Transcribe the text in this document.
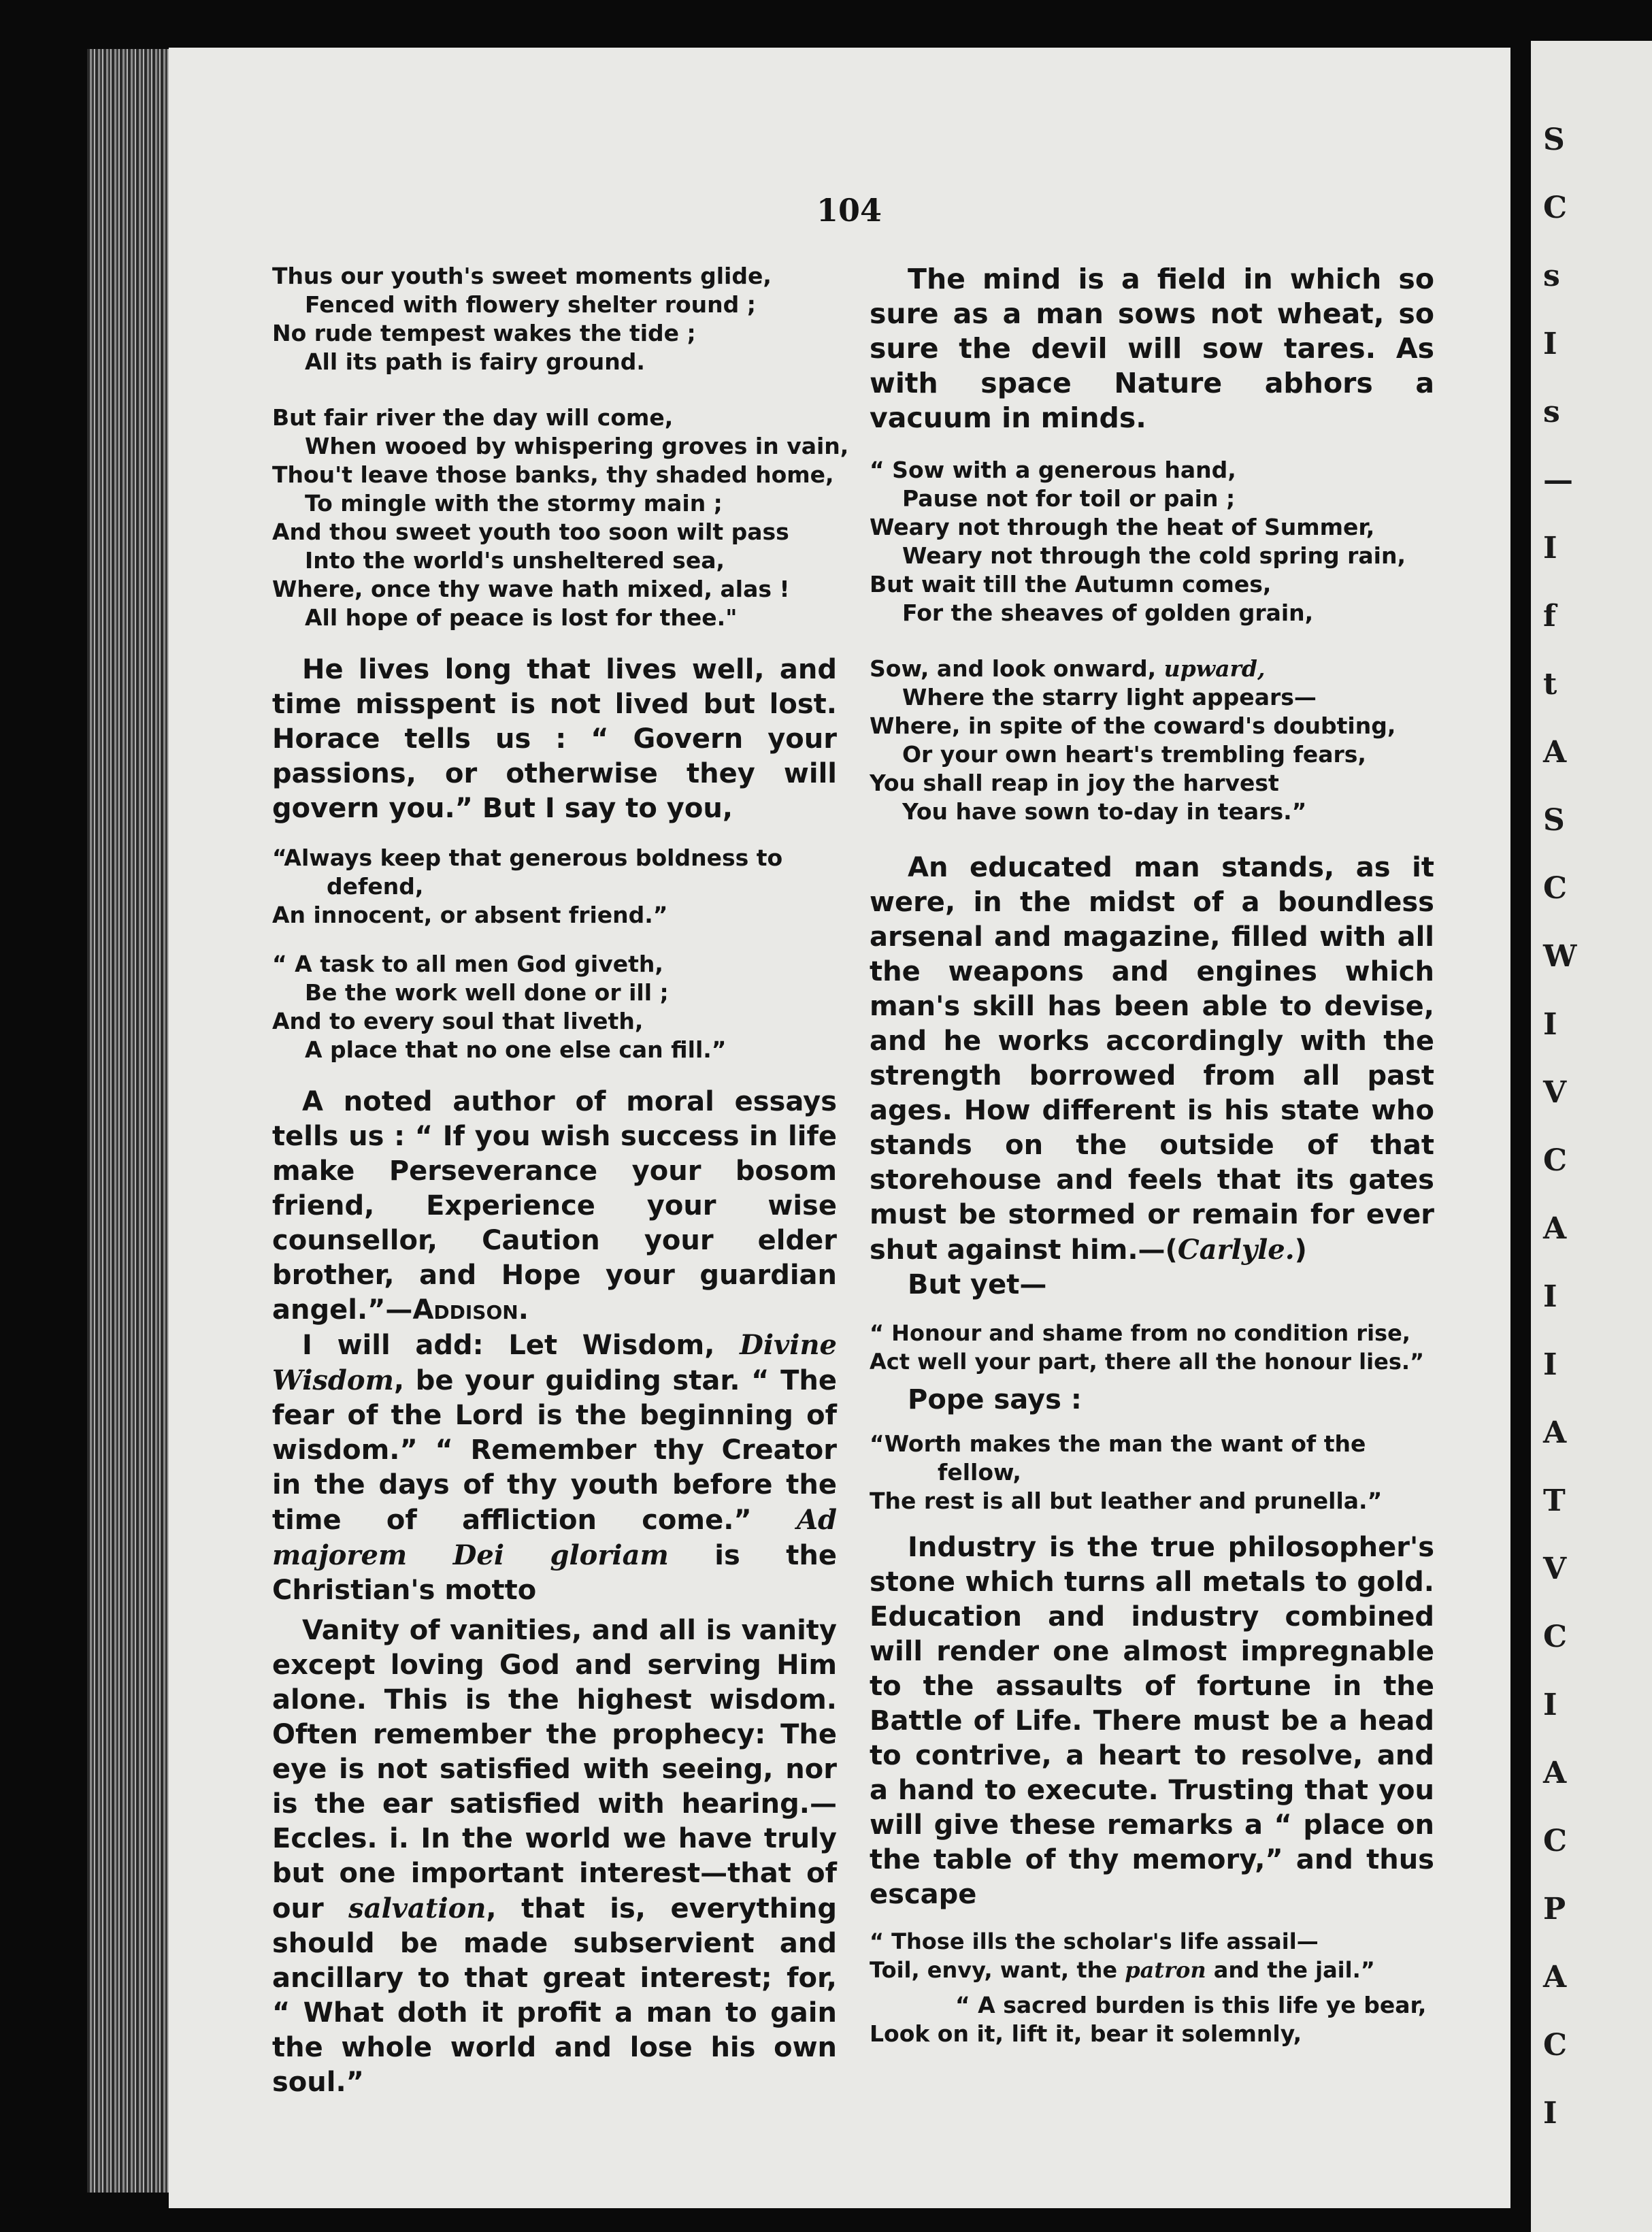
S
C
s
I
s
—
I
f
t
A
S
C
W
I
V
C
A
I
I
A
T
V
C
I
A
C
P
A
C
I
104

Thus our youth's sweet moments glide,
Fenced with flowery shelter round ;
No rude tempest wakes the tide ;
All its path is fairy ground.

But fair river the day will come,
When wooed by whispering groves in vain,
Thou't leave those banks, thy shaded home,
To mingle with the stormy main ;
And thou sweet youth too soon wilt pass
Into the world's unsheltered sea,
Where, once thy wave hath mixed, alas !
All hope of peace is lost for thee."

He lives long that lives well, and time misspent is not lived but lost. Horace tells us : “ Govern your passions, or otherwise they will govern you.” But I say to you,

“Always keep that generous boldness to
defend,
An innocent, or absent friend.”

“ A task to all men God giveth,
Be the work well done or ill ;
And to every soul that liveth,
A place that no one else can fill.”

A noted author of moral essays tells us : “ If you wish success in life make Perseverance your bosom friend, Experience your wise counsellor, Caution your elder brother, and Hope your guardian angel.”—Addison.

I will add: Let Wisdom, Divine Wisdom, be your guiding star. “ The fear of the Lord is the beginning of wisdom.” “ Remember thy Creator in the days of thy youth before the time of affliction come.” Ad majorem Dei gloriam is the Christian's motto

Vanity of vanities, and all is vanity except loving God and serving Him alone. This is the highest wisdom. Often remember the prophecy: The eye is not satisfied with seeing, nor is the ear satisfied with hearing.—Eccles. i. In the world we have truly but one important interest—that of our salvation, that is, everything should be made subservient and ancillary to that great interest; for, “ What doth it profit a man to gain the whole world and lose his own soul.”

The mind is a field in which so sure as a man sows not wheat, so sure the devil will sow tares. As with space Nature abhors a vacuum in minds.

“ Sow with a generous hand,
Pause not for toil or pain ;
Weary not through the heat of Summer,
Weary not through the cold spring rain,
But wait till the Autumn comes,
For the sheaves of golden grain,

Sow, and look onward, upward,
Where the starry light appears—
Where, in spite of the coward's doubting,
Or your own heart's trembling fears,
You shall reap in joy the harvest
You have sown to-day in tears.”

An educated man stands, as it were, in the midst of a boundless arsenal and magazine, filled with all the weapons and engines which man's skill has been able to devise, and he works accordingly with the strength borrowed from all past ages. How different is his state who stands on the outside of that storehouse and feels that its gates must be stormed or remain for ever shut against him.—(Carlyle.)

But yet—

“ Honour and shame from no condition rise,
Act well your part, there all the honour lies.”

Pope says :

“Worth makes the man the want of the
fellow,
The rest is all but leather and prunella.”

Industry is the true philosopher's stone which turns all metals to gold. Education and industry combined will render one almost impregnable to the assaults of fortune in the Battle of Life. There must be a head to contrive, a heart to resolve, and a hand to execute. Trusting that you will give these remarks a “ place on the table of thy memory,” and thus escape

“ Those ills the scholar's life assail—
Toil, envy, want, the patron and the jail.”

“ A sacred burden is this life ye bear,
Look on it, lift it, bear it solemnly,
